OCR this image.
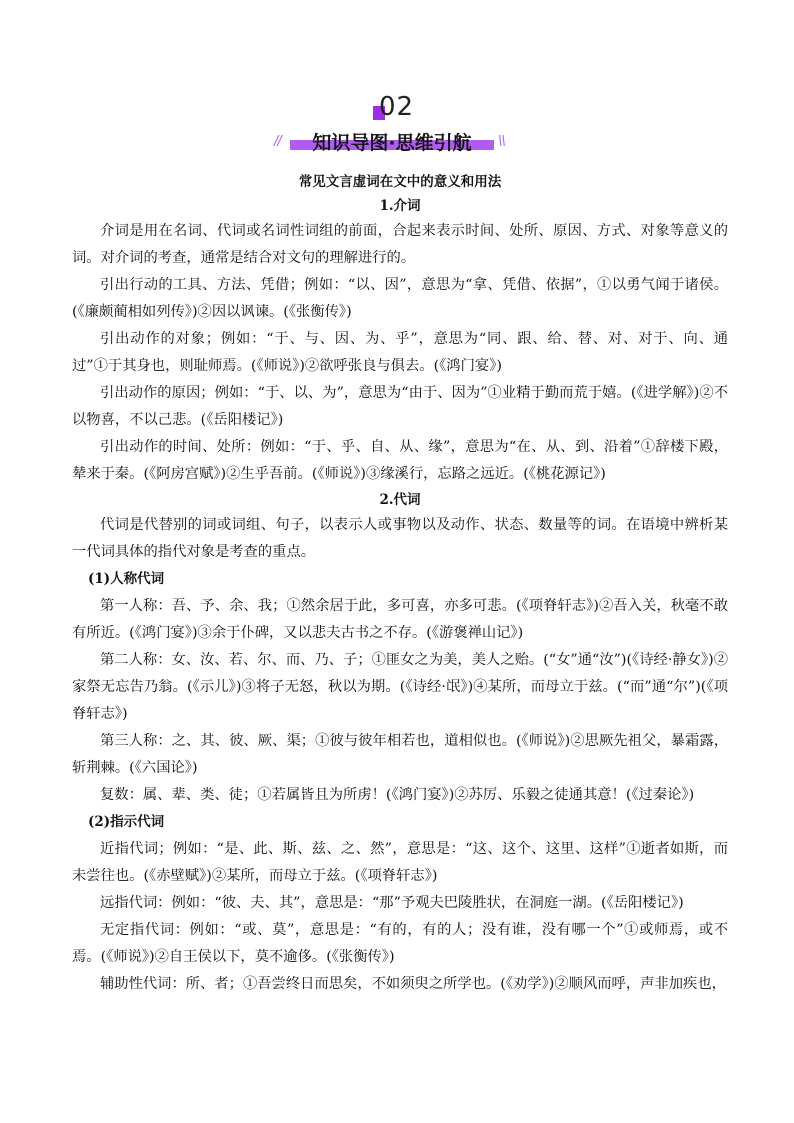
02
//	知识导图·思维引航	\\
常见文言虚词在文中的意义和用法
1.介词

介词是用在名词、代词或名词性词组的前面，合起来表示时间、处所、原因、方式、对象等意义的词。对介词的考查，通常是结合对文句的理解进行的。

引出行动的工具、方法、凭借；例如：“以、因”，意思为“拿、凭借、依据”，①以勇气闻于诸侯。(《廉颇蔺相如列传》)②因以讽谏。(《张衡传》)

引出动作的对象；例如：“于、与、因、为、乎”，意思为“同、跟、给、替、对、对于、向、通过”①于其身也，则耻师焉。(《师说》)②欲呼张良与俱去。(《鸿门宴》)

引出动作的原因；例如：“于、以、为”，意思为“由于、因为”①业精于勤而荒于嬉。(《进学解》)②不以物喜，不以己悲。(《岳阳楼记》)

引出动作的时间、处所：例如：“于、乎、自、从、缘”，意思为“在、从、到、沿着”①辞楼下殿，辇来于秦。(《阿房宫赋》)②生乎吾前。(《师说》)③缘溪行，忘路之远近。(《桃花源记》)

2.代词

代词是代替别的词或词组、句子，以表示人或事物以及动作、状态、数量等的词。在语境中辨析某一代词具体的指代对象是考查的重点。

(1)人称代词

第一人称：吾、予、余、我；①然余居于此，多可喜，亦多可悲。(《项脊轩志》)②吾入关，秋毫不敢有所近。(《鸿门宴》)③余于仆碑，又以悲夫古书之不存。(《游褒禅山记》)

第二人称：女、汝、若、尔、而、乃、子；①匪女之为美，美人之贻。(“女”通“汝”)(《诗经·静女》)②家祭无忘告乃翁。(《示儿》)③将子无怒，秋以为期。(《诗经·氓》)④某所，而母立于兹。(“而”通“尔”)(《项脊轩志》)

第三人称：之、其、彼、厥、渠；①彼与彼年相若也，道相似也。(《师说》)②思厥先祖父，暴霜露，斩荆棘。(《六国论》)

复数：属、辈、类、徒；①若属皆且为所虏！(《鸿门宴》)②苏厉、乐毅之徒通其意！(《过秦论》)

(2)指示代词

近指代词；例如：“是、此、斯、兹、之、然”，意思是：“这、这个、这里、这样”①逝者如斯，而未尝往也。(《赤壁赋》)②某所，而母立于兹。(《项脊轩志》)

远指代词：例如：“彼、夫、其”，意思是：“那”予观夫巴陵胜状，在洞庭一湖。(《岳阳楼记》)

无定指代词：例如：“或、莫”，意思是：“有的，有的人；没有谁，没有哪一个”①或师焉，或不焉。(《师说》)②自王侯以下，莫不逾侈。(《张衡传》)

辅助性代词：所、者；①吾尝终日而思矣，不如须臾之所学也。(《劝学》)②顺风而呼，声非加疾也，
